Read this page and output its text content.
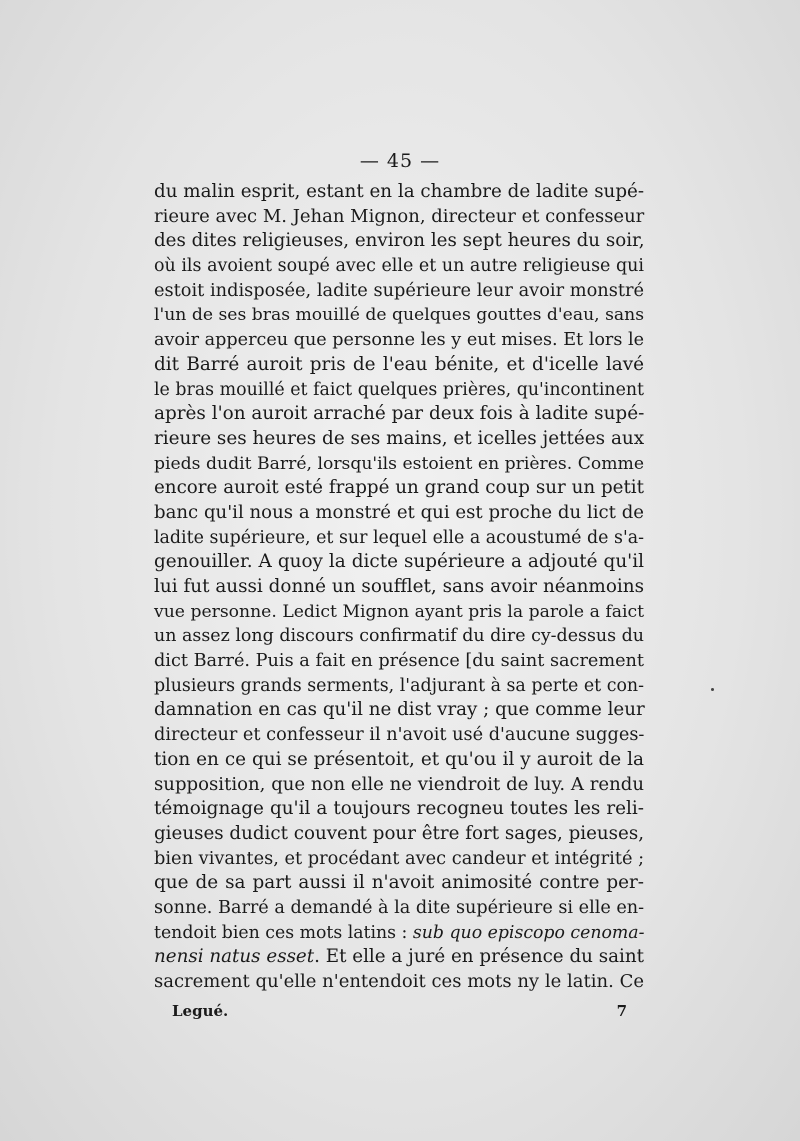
— 45 —
du malin esprit, estant en la chambre de ladite supé-
rieure avec M. Jehan Mignon, directeur et confesseur
des dites religieuses, environ les sept heures du soir,
où ils avoient soupé avec elle et un autre religieuse qui
estoit indisposée, ladite supérieure leur avoir monstré
l'un de ses bras mouillé de quelques gouttes d'eau, sans
avoir apperceu que personne les y eut mises. Et lors le
dit Barré auroit pris de l'eau bénite, et d'icelle lavé
le bras mouillé et faict quelques prières, qu'incontinent
après l'on auroit arraché par deux fois à ladite supé-
rieure ses heures de ses mains, et icelles jettées aux
pieds dudit Barré, lorsqu'ils estoient en prières. Comme
encore auroit esté frappé un grand coup sur un petit
banc qu'il nous a monstré et qui est proche du lict de
ladite supérieure, et sur lequel elle a acoustumé de s'a-
genouiller. A quoy la dicte supérieure a adjouté qu'il
lui fut aussi donné un soufflet, sans avoir néanmoins
vue personne. Ledict Mignon ayant pris la parole a faict
un assez long discours confirmatif du dire cy-dessus du
dict Barré. Puis a fait en présence [du saint sacrement
plusieurs grands serments, l'adjurant à sa perte et con-
damnation en cas qu'il ne dist vray ; que comme leur
directeur et confesseur il n'avoit usé d'aucune sugges-
tion en ce qui se présentoit, et qu'ou il y auroit de la
supposition, que non elle ne viendroit de luy. A rendu
témoignage qu'il a toujours recogneu toutes les reli-
gieuses dudict couvent pour être fort sages, pieuses,
bien vivantes, et procédant avec candeur et intégrité ;
que de sa part aussi il n'avoit animosité contre per-
sonne. Barré a demandé à la dite supérieure si elle en-
tendoit bien ces mots latins : sub quo episcopo cenoma-
nensi natus esset. Et elle a juré en présence du saint
sacrement qu'elle n'entendoit ces mots ny le latin. Ce
Legué.	7
